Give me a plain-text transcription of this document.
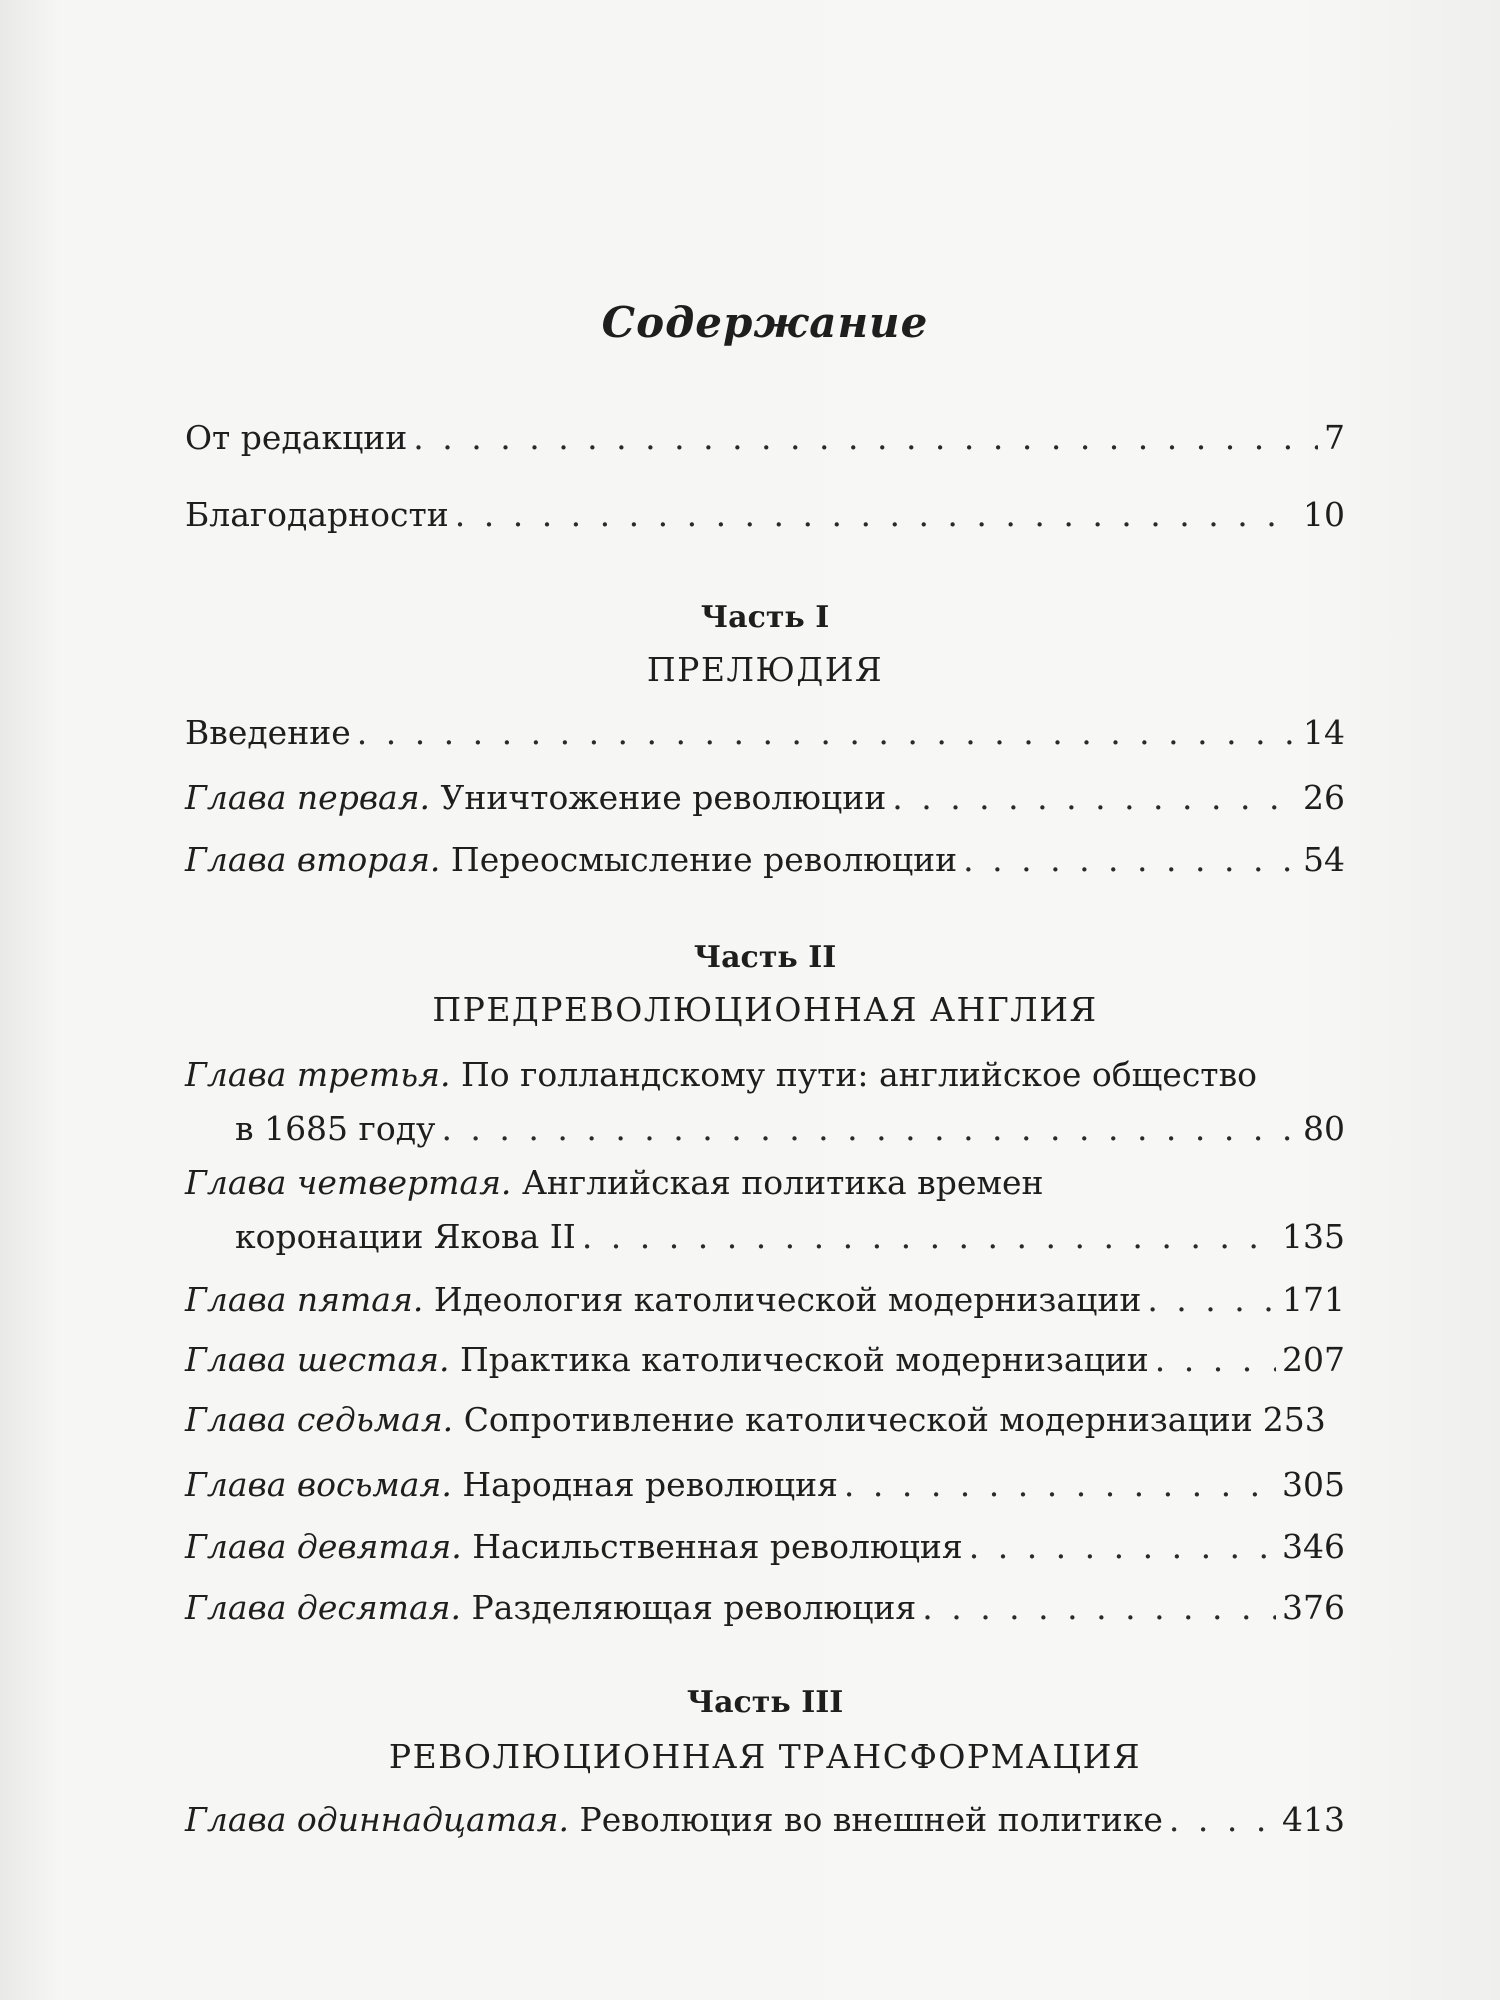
Содержание
От редакции . . .	7
Благодарности . . .	10
Часть I
ПРЕЛЮДИЯ
Введение . . .	14
Глава первая. Уничтожение революции . . .	26
Глава вторая. Переосмысление революции . . .	54
Часть II
ПРЕДРЕВОЛЮЦИОННАЯ АНГЛИЯ
Глава третья. По голландскому пути: английское общество
в 1685 году . . .	80
Глава четвертая. Английская политика времен
коронации Якова II . . .	135
Глава пятая. Идеология католической модернизации . . .	171
Глава шестая. Практика католической модернизации . . .	207
Глава седьмая. Сопротивление католической модернизации 253
Глава восьмая. Народная революция . . .	305
Глава девятая. Насильственная революция . . .	346
Глава десятая. Разделяющая революция . . .	376
Часть III
РЕВОЛЮЦИОННАЯ ТРАНСФОРМАЦИЯ
Глава одиннадцатая. Революция во внешней политике . . .	413
